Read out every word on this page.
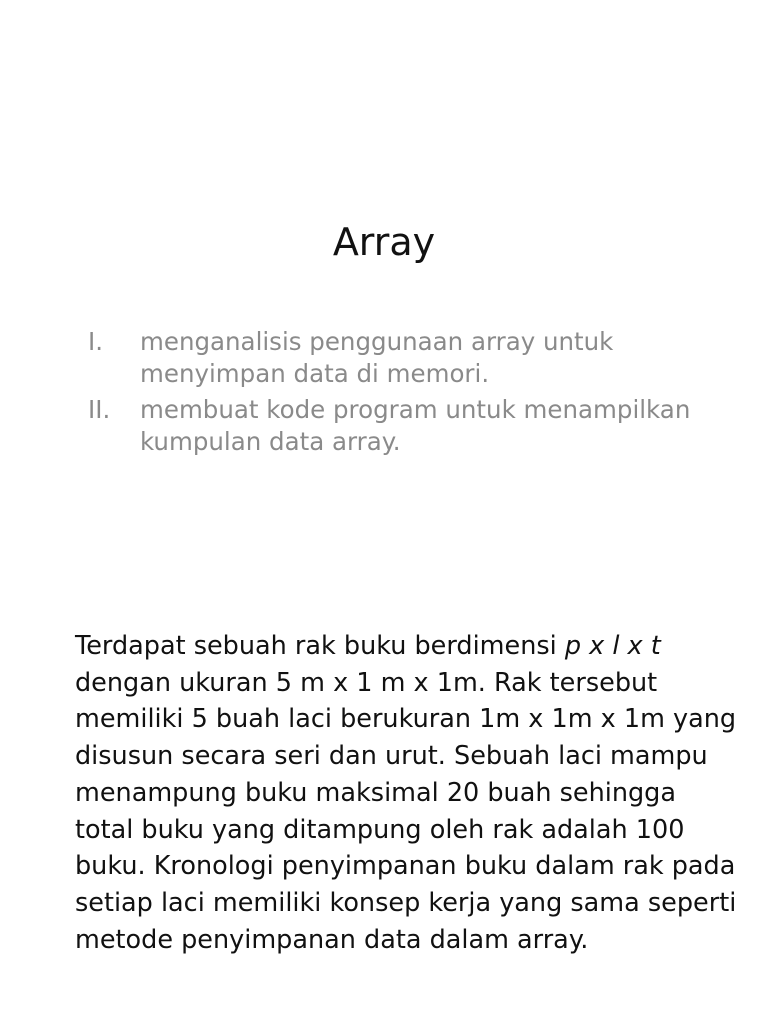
Array
I. menganalisis penggunaan array untuk menyimpan data di memori.
II. membuat kode program untuk menampilkan kumpulan data array.

Terdapat sebuah rak buku berdimensi p x l x t dengan ukuran 5 m x 1 m x 1m. Rak tersebut memiliki 5 buah laci berukuran 1m x 1m x 1m yang disusun secara seri dan urut. Sebuah laci mampu menampung buku maksimal 20 buah sehingga total buku yang ditampung oleh rak adalah 100 buku. Kronologi penyimpanan buku dalam rak pada setiap laci memiliki konsep kerja yang sama seperti metode penyimpanan data dalam array.
